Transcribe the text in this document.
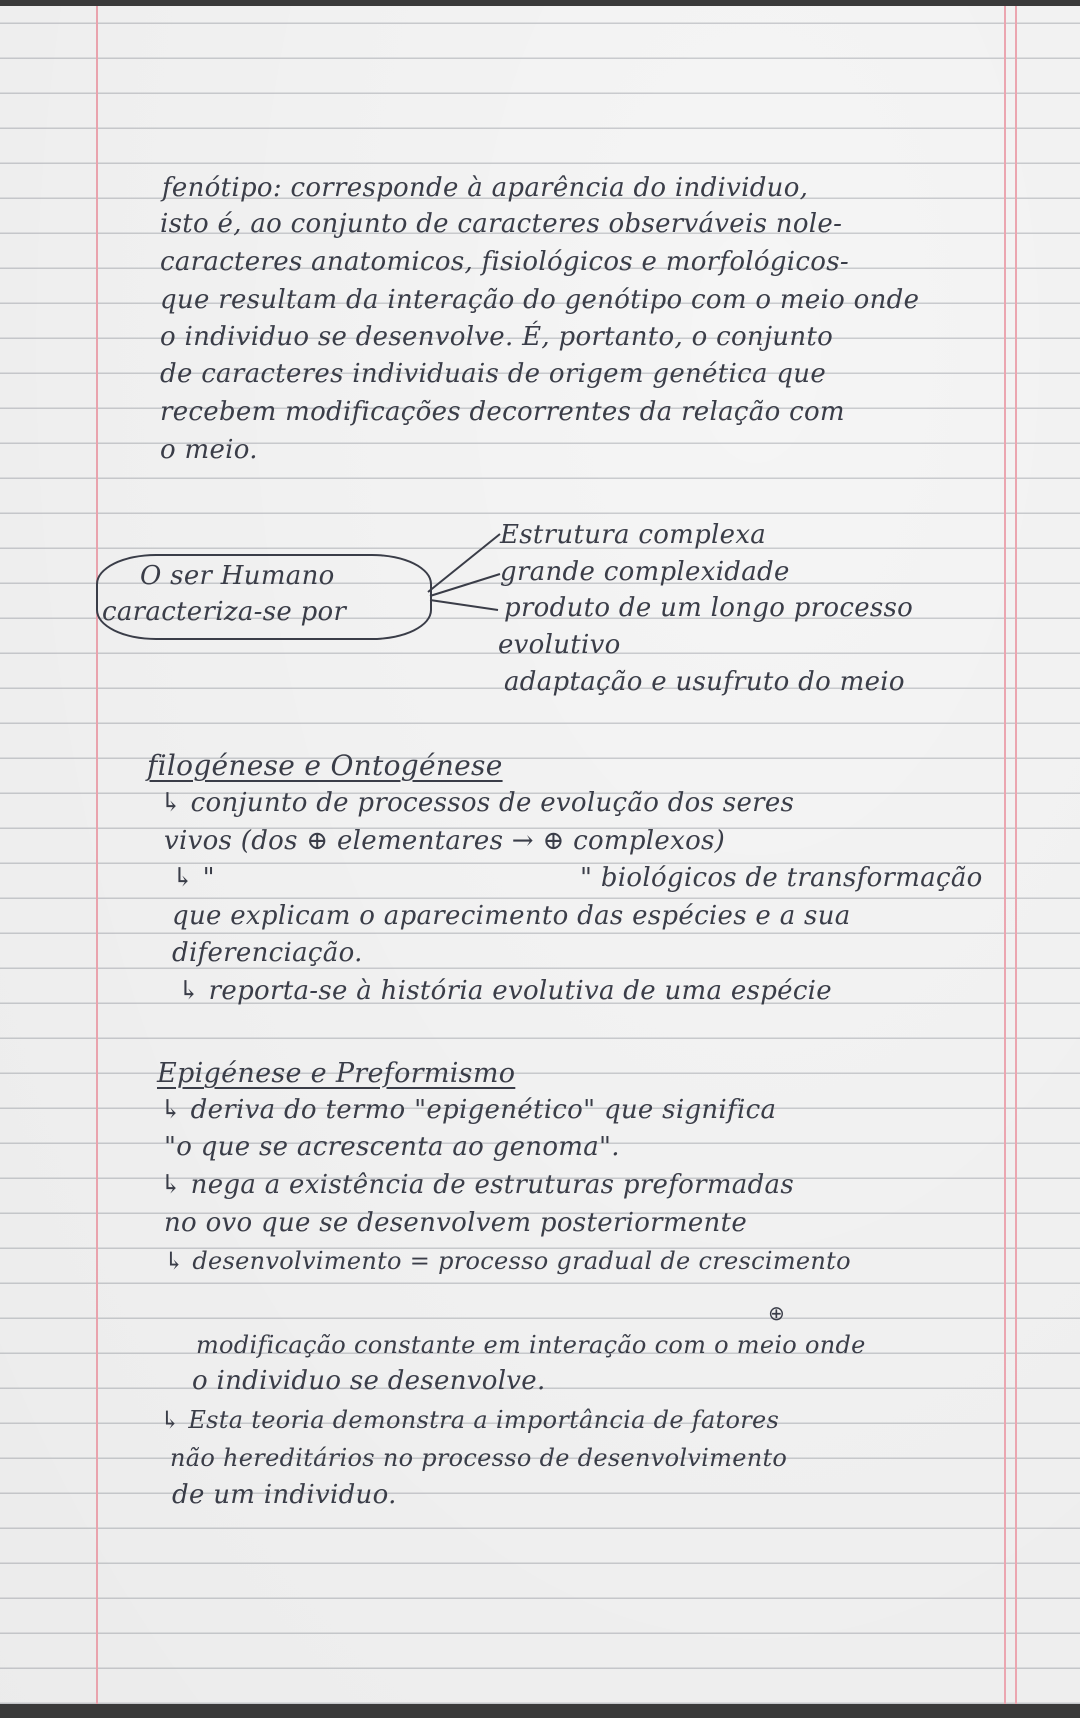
fenótipo: corresponde à aparência do individuo,

isto é, ao conjunto de caracteres observáveis nole-

caracteres anatomicos, fisiológicos e morfológicos-

que resultam da interação do genótipo com o meio onde

o individuo se desenvolve. É, portanto, o conjunto

de caracteres individuais de origem genética que

recebem modificações decorrentes da relação com

o meio.

O ser Humano

caracteriza-se por

Estrutura complexa

grande complexidade

produto de um longo processo

evolutivo

adaptação e usufruto do meio

filogénese e Ontogénese

↳ conjunto de processos de evolução dos seres

vivos (dos ⊕ elementares → ⊕ complexos)

↳ "	" biológicos de transformação

que explicam o aparecimento das espécies e a sua

diferenciação.

↳ reporta-se à história evolutiva de uma espécie

Epigénese e Preformismo

↳ deriva do termo "epigenético" que significa

"o que se acrescenta ao genoma".

↳ nega a existência de estruturas preformadas

no ovo que se desenvolvem posteriormente

↳ desenvolvimento = processo gradual de crescimento

⊕

modificação constante em interação com o meio onde

o individuo se desenvolve.

↳ Esta teoria demonstra a importância de fatores

não hereditários no processo de desenvolvimento

de um individuo.
